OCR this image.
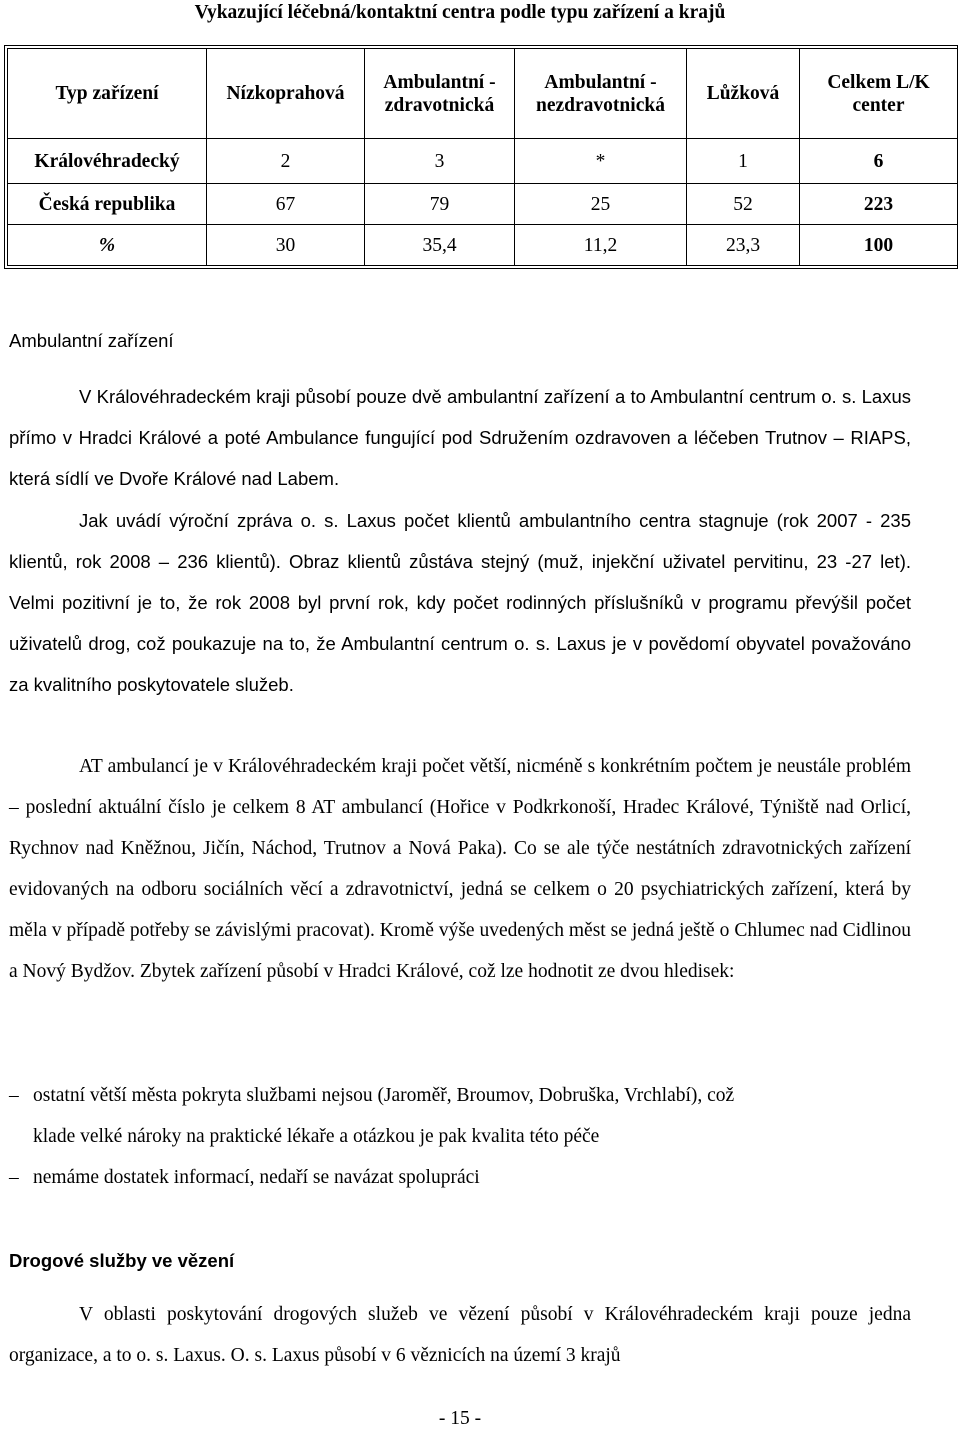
Vykazující léčebná/kontaktní centra podle typu zařízení a krajů
Typ zařízení	Nízkoprahová	Ambulantní - zdravotnická	Ambulantní - nezdravotnická	Lůžková	Celkem L/K center
Královéhradecký	2	3	*	1	6
Česká republika	67	79	25	52	223
%	30	35,4	11,2	23,3	100
Ambulantní zařízení

V Královéhradeckém kraji působí pouze dvě ambulantní zařízení a to Ambulantní centrum o. s. Laxus přímo v Hradci Králové a poté Ambulance fungující pod Sdružením ozdravoven a léčeben Trutnov – RIAPS, která sídlí ve Dvoře Králové nad Labem.

Jak uvádí výroční zpráva o. s. Laxus počet klientů ambulantního centra stagnuje (rok 2007 - 235 klientů, rok 2008 – 236 klientů). Obraz klientů zůstáva stejný (muž, injekční uživatel pervitinu, 23 -27 let). Velmi pozitivní je to, že rok 2008 byl první rok, kdy počet rodinných příslušníků v programu převýšil počet uživatelů drog, což poukazuje na to, že Ambulantní centrum o. s. Laxus je v povědomí obyvatel považováno za kvalitního poskytovatele služeb.

AT ambulancí je v Královéhradeckém kraji počet větší, nicméně s konkrétním počtem je neustále problém – poslední aktuální číslo je celkem 8 AT ambulancí (Hořice v Podkrkonoší, Hradec Králové, Týniště nad Orlicí, Rychnov nad Kněžnou, Jičín, Náchod, Trutnov a Nová Paka). Co se ale týče nestátních zdravotnických zařízení evidovaných na odboru sociálních věcí a zdravotnictví, jedná se celkem o 20 psychiatrických zařízení, která by měla v případě potřeby se závislými pracovat). Kromě výše uvedených měst se jedná ještě o Chlumec nad Cidlinou a Nový Bydžov. Zbytek zařízení působí v Hradci Králové, což lze hodnotit ze dvou hledisek:

– ostatní větší města pokryta službami nejsou (Jaroměř, Broumov, Dobruška, Vrchlabí), což
klade velké nároky na praktické lékaře a otázkou je pak kvalita této péče
– nemáme dostatek informací, nedaří se navázat spolupráci
Drogové služby ve vězení

V oblasti poskytování drogových služeb ve vězení působí v Královéhradeckém kraji pouze jedna organizace, a to o. s. Laxus. O. s. Laxus působí v 6 věznicích na území 3 krajů

- 15 -
